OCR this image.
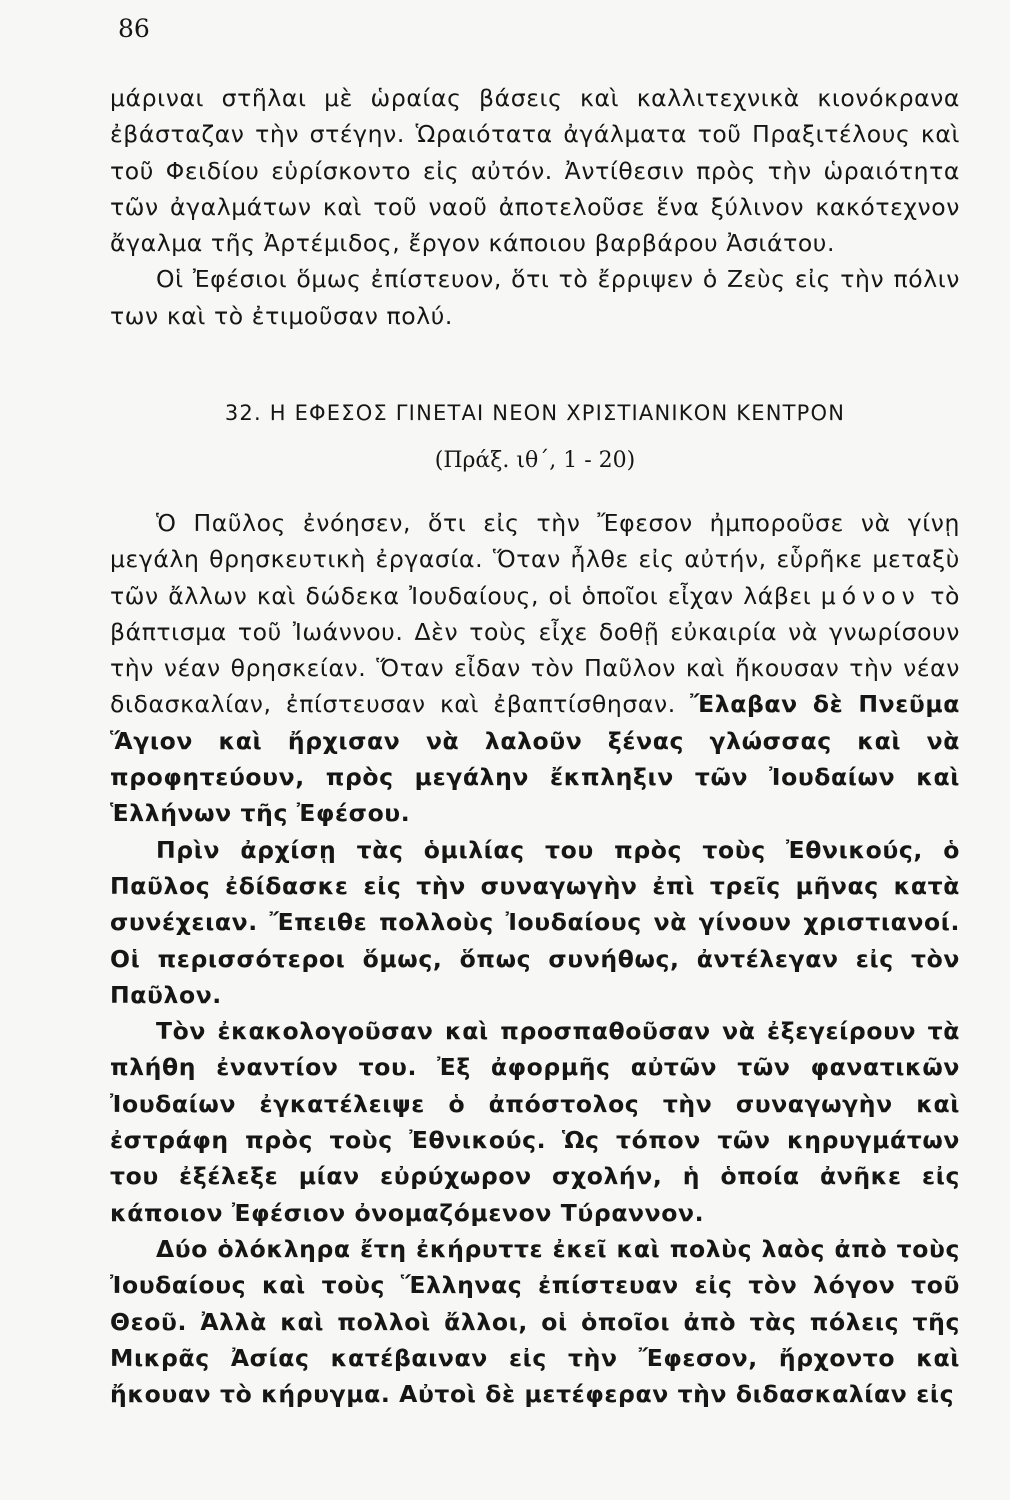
86

μάριναι στῆλαι μὲ ὡραίας βάσεις καὶ καλλιτεχνικὰ κιονόκρανα ἐβάσταζαν τὴν στέγην. Ὡραιότατα ἀγάλματα τοῦ Πραξιτέλους καὶ τοῦ Φειδίου εὑρίσκοντο εἰς αὐτόν. Ἀντίθεσιν πρὸς τὴν ὡραιότητα τῶν ἀγαλμάτων καὶ τοῦ ναοῦ ἀποτελοῦσε ἕνα ξύλινον κακότεχνον ἄγαλμα τῆς Ἀρτέμιδος, ἔργον κάποιου βαρβάρου Ἀσιάτου.

Οἱ Ἐφέσιοι ὅμως ἐπίστευον, ὅτι τὸ ἔρριψεν ὁ Ζεὺς εἰς τὴν πόλιν των καὶ τὸ ἐτιμοῦσαν πολύ.

32. Η ΕΦΕΣΟΣ ΓΙΝΕΤΑΙ ΝΕΟΝ ΧΡΙΣΤΙΑΝΙΚΟΝ ΚΕΝΤΡΟΝ
(Πράξ. ιθ΄, 1 - 20)

Ὁ Παῦλος ἐνόησεν, ὅτι εἰς τὴν Ἔφεσον ἠμποροῦσε νὰ γίνῃ μεγάλη θρησκευτικὴ ἐργασία. Ὅταν ἦλθε εἰς αὐτήν, εὗρῆκε μεταξὺ τῶν ἄλλων καὶ δώδεκα Ἰουδαίους, οἱ ὁποῖοι εἶχαν λάβει μόνον τὸ βάπτισμα τοῦ Ἰωάννου. Δὲν τοὺς εἶχε δοθῇ εὐκαιρία νὰ γνωρίσουν τὴν νέαν θρησκείαν. Ὅταν εἶδαν τὸν Παῦλον καὶ ἤκουσαν τὴν νέαν διδασκαλίαν, ἐπίστευσαν καὶ ἐβαπτίσθησαν. Ἔλαβαν δὲ Πνεῦμα Ἅγιον καὶ ἤρχισαν νὰ λαλοῦν ξένας γλώσσας καὶ νὰ προφητεύουν, πρὸς μεγάλην ἔκπληξιν τῶν Ἰουδαίων καὶ Ἑλλήνων τῆς Ἐφέσου.

Πρὶν ἀρχίσῃ τὰς ὁμιλίας του πρὸς τοὺς Ἐθνικούς, ὁ Παῦλος ἐδίδασκε εἰς τὴν συναγωγὴν ἐπὶ τρεῖς μῆνας κατὰ συνέχειαν. Ἔπειθε πολλοὺς Ἰουδαίους νὰ γίνουν χριστιανοί. Οἱ περισσότεροι ὅμως, ὅπως συνήθως, ἀντέλεγαν εἰς τὸν Παῦλον.

Τὸν ἐκακολογοῦσαν καὶ προσπαθοῦσαν νὰ ἐξεγείρουν τὰ πλήθη ἐναντίον του. Ἐξ ἀφορμῆς αὐτῶν τῶν φανατικῶν Ἰουδαίων ἐγκατέλειψε ὁ ἀπόστολος τὴν συναγωγὴν καὶ ἐστράφη πρὸς τοὺς Ἐθνικούς. Ὡς τόπον τῶν κηρυγμάτων του ἐξέλεξε μίαν εὐρύχωρον σχολήν, ἡ ὁποία ἀνῆκε εἰς κάποιον Ἐφέσιον ὀνομαζόμενον Τύραννον.

Δύο ὁλόκληρα ἔτη ἐκήρυττε ἐκεῖ καὶ πολὺς λαὸς ἀπὸ τοὺς Ἰουδαίους καὶ τοὺς Ἕλληνας ἐπίστευαν εἰς τὸν λόγον τοῦ Θεοῦ. Ἀλλὰ καὶ πολλοὶ ἄλλοι, οἱ ὁποῖοι ἀπὸ τὰς πόλεις τῆς Μικρᾶς Ἀσίας κατέβαιναν εἰς τὴν Ἔφεσον, ἤρχοντο καὶ ἤκουαν τὸ κήρυγμα. Αὐτοὶ δὲ μετέφεραν τὴν διδασκαλίαν εἰς
